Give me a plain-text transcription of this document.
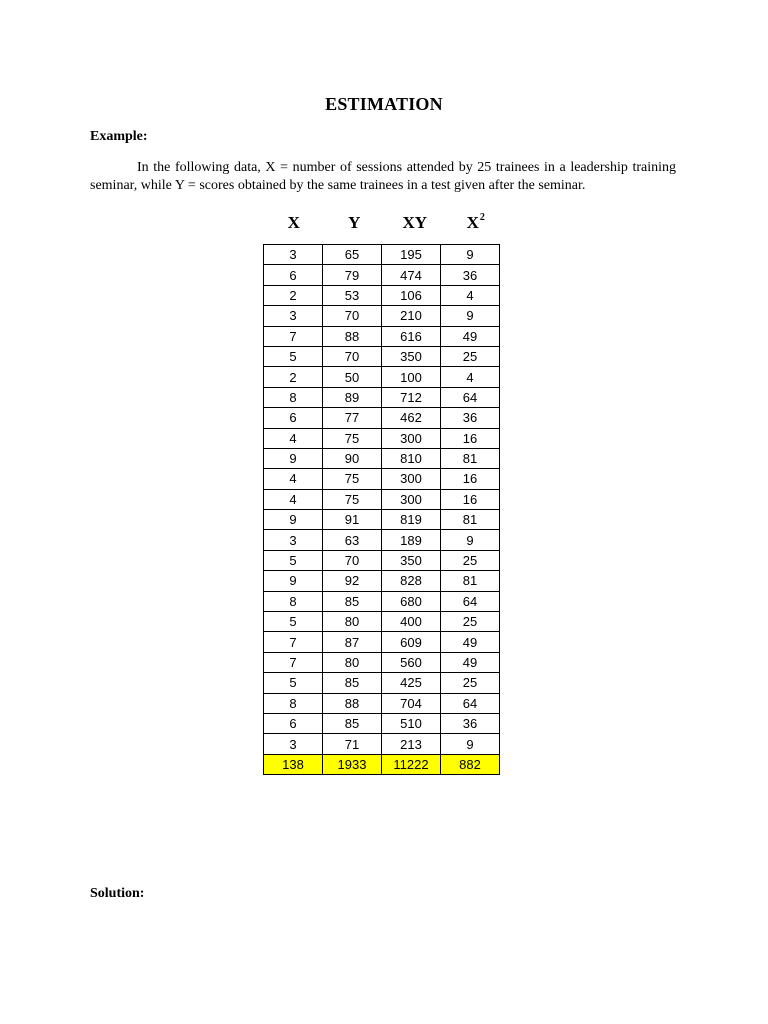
ESTIMATION
Example:
In the following data, X = number of sessions attended by 25 trainees in a leadership training seminar, while Y = scores obtained by the same trainees in a test given after the seminar.
X	Y	XY	$X^2$
3	65	195	9
6	79	474	36
2	53	106	4
3	70	210	9
7	88	616	49
5	70	350	25
2	50	100	4
8	89	712	64
6	77	462	36
4	75	300	16
9	90	810	81
4	75	300	16
4	75	300	16
9	91	819	81
3	63	189	9
5	70	350	25
9	92	828	81
8	85	680	64
5	80	400	25
7	87	609	49
7	80	560	49
5	85	425	25
8	88	704	64
6	85	510	36
3	71	213	9
138	1933	11222	882
Solution:
